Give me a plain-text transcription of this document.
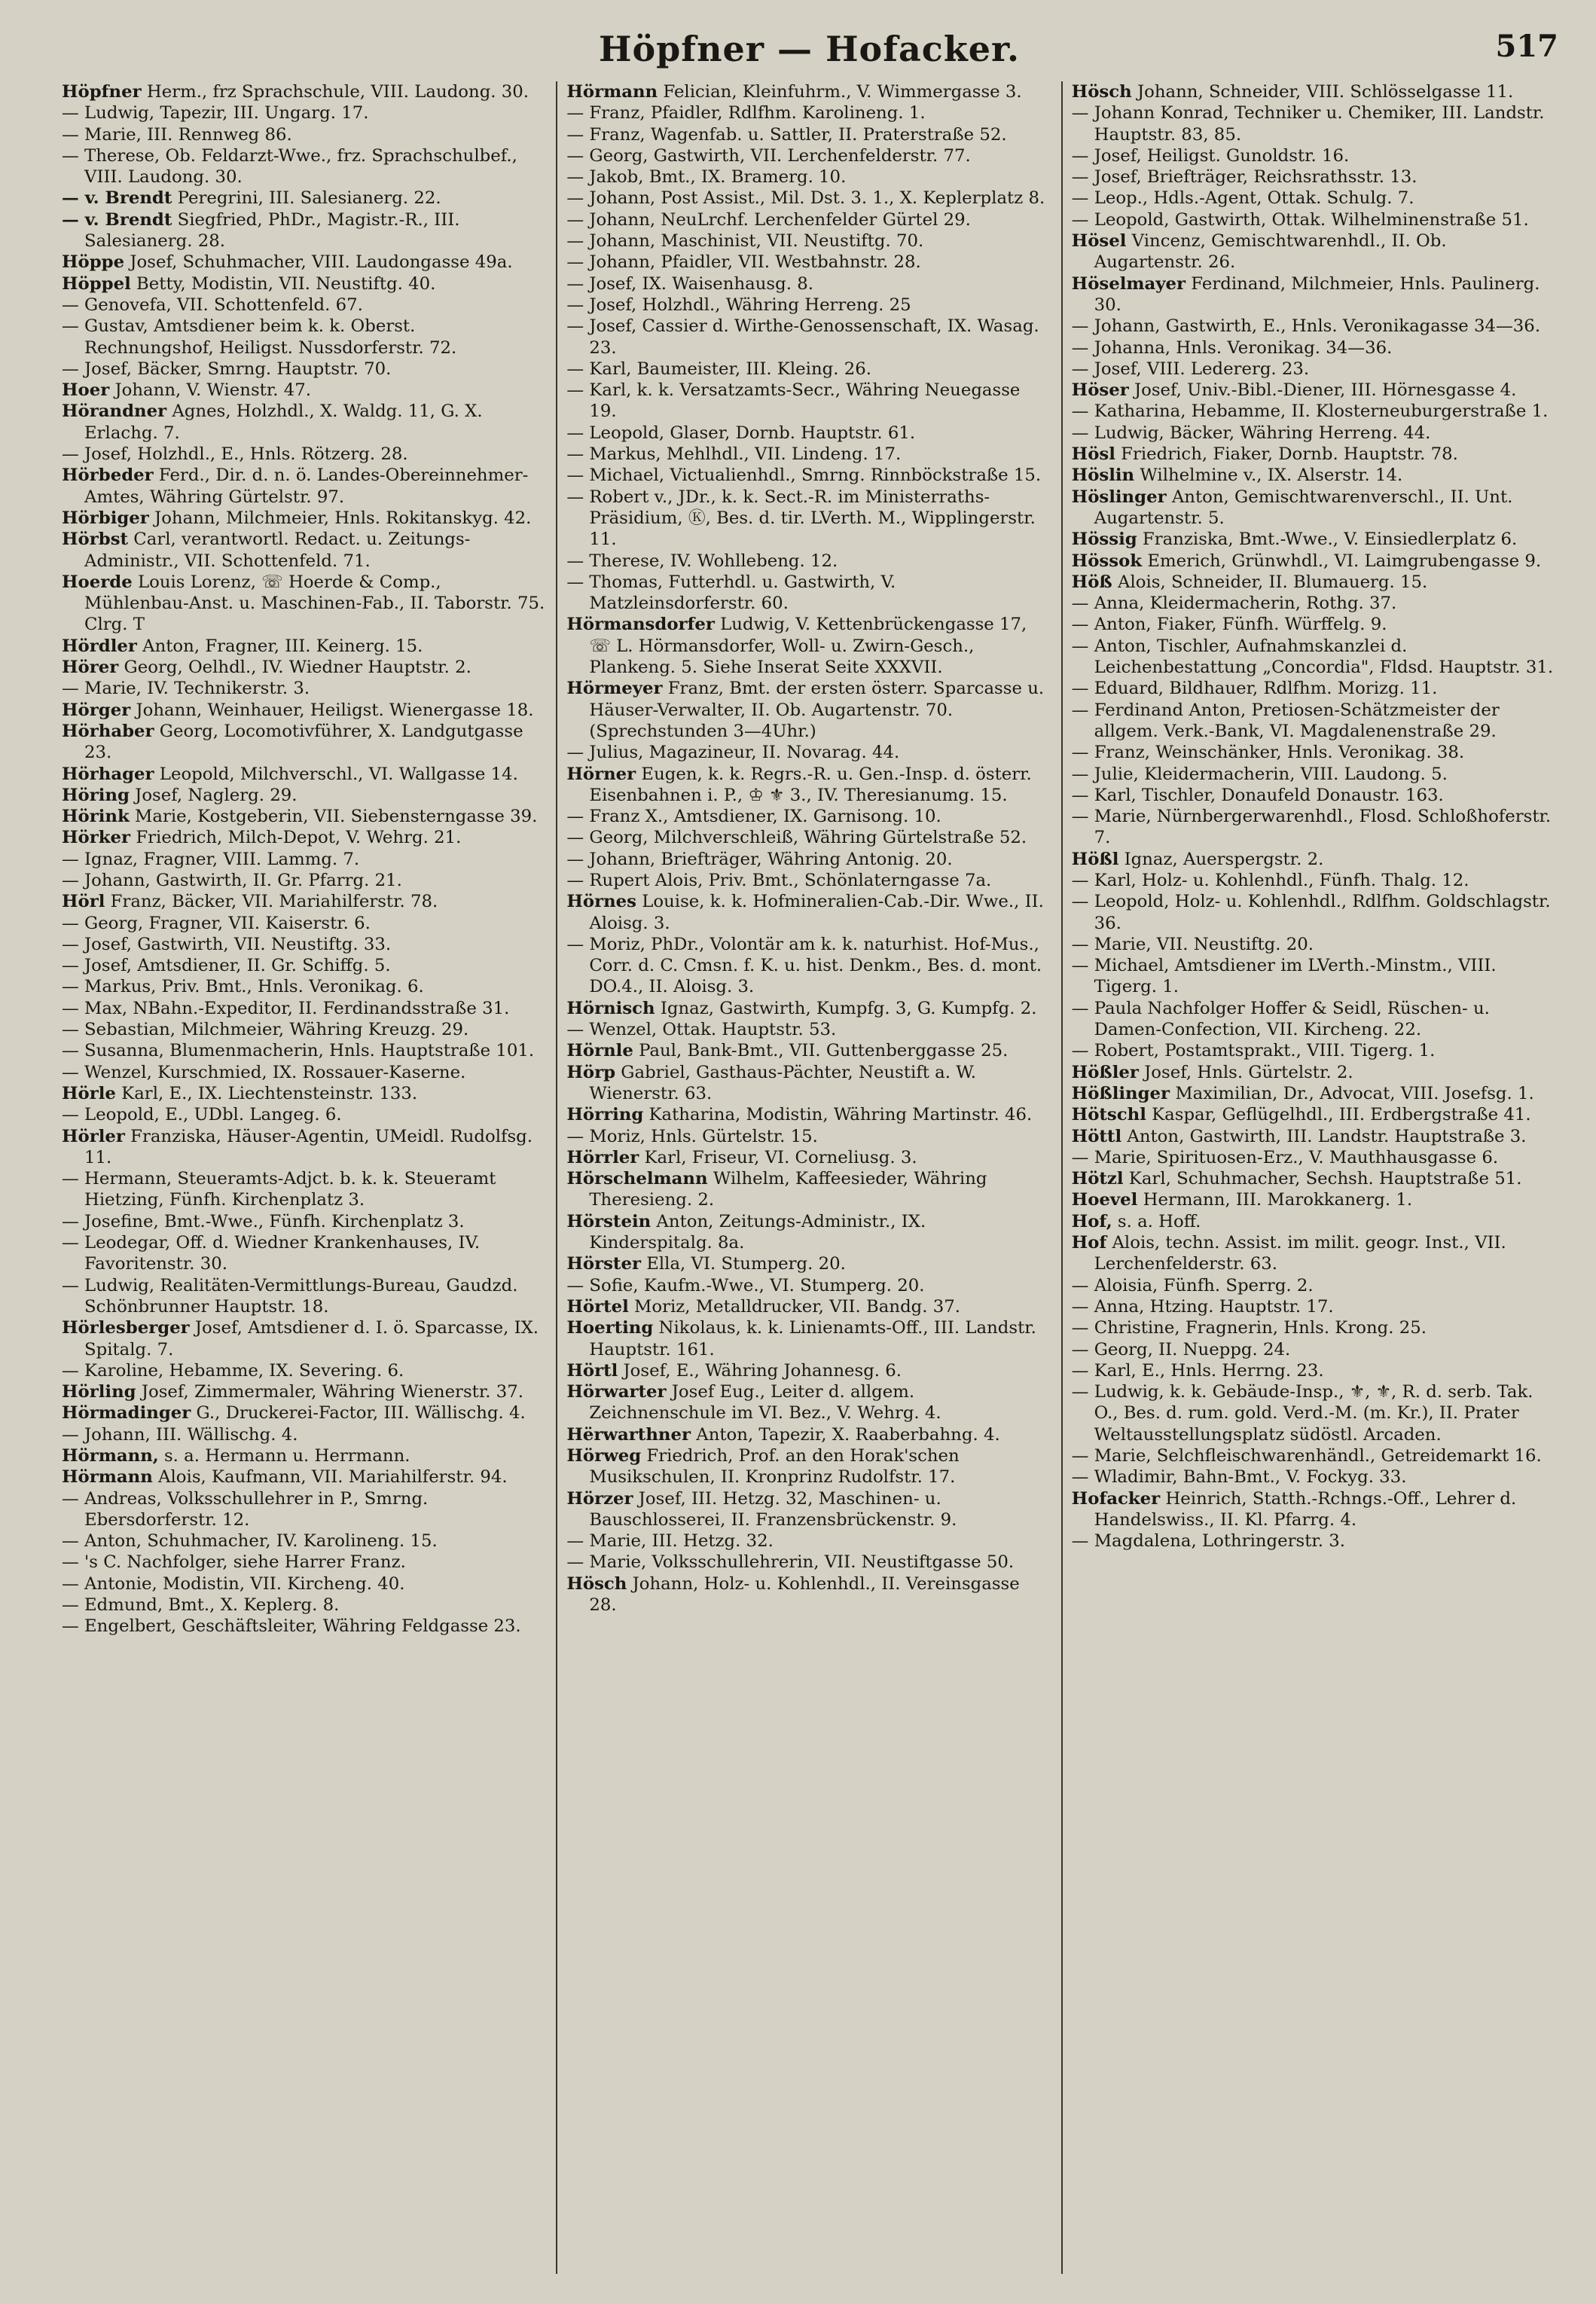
Höpfner — Hofacker.	517

Höpfner Herm., frz Sprachschule, VIII. Laudong. 30.

— Ludwig, Tapezir, III. Ungarg. 17.

— Marie, III. Rennweg 86.

— Therese, Ob. Feldarzt-Wwe., frz. Sprachschulbef., VIII. Laudong. 30.

— v. Brendt Peregrini, III. Salesianerg. 22.

— v. Brendt Siegfried, PhDr., Magistr.-R., III. Salesianerg. 28.

Höppe Josef, Schuhmacher, VIII. Laudongasse 49a.

Höppel Betty, Modistin, VII. Neustiftg. 40.

— Genovefa, VII. Schottenfeld. 67.

— Gustav, Amtsdiener beim k. k. Oberst. Rechnungshof, Heiligst. Nussdorferstr. 72.

— Josef, Bäcker, Smrng. Hauptstr. 70.

Hoer Johann, V. Wienstr. 47.

Hörandner Agnes, Holzhdl., X. Waldg. 11, G. X. Erlachg. 7.

— Josef, Holzhdl., E., Hnls. Rötzerg. 28.

Hörbeder Ferd., Dir. d. n. ö. Landes-Obereinnehmer-Amtes, Währing Gürtelstr. 97.

Hörbiger Johann, Milchmeier, Hnls. Rokitanskyg. 42.

Hörbst Carl, verantwortl. Redact. u. Zeitungs-Administr., VII. Schottenfeld. 71.

Hoerde Louis Lorenz, ☏ Hoerde & Comp., Mühlenbau-Anst. u. Maschinen-Fab., II. Taborstr. 75. Clrg. T

Hördler Anton, Fragner, III. Keinerg. 15.

Hörer Georg, Oelhdl., IV. Wiedner Hauptstr. 2.

— Marie, IV. Technikerstr. 3.

Hörger Johann, Weinhauer, Heiligst. Wienergasse 18.

Hörhaber Georg, Locomotivführer, X. Landgutgasse 23.

Hörhager Leopold, Milchverschl., VI. Wallgasse 14.

Höring Josef, Naglerg. 29.

Hörink Marie, Kostgeberin, VII. Siebensterngasse 39.

Hörker Friedrich, Milch-Depot, V. Wehrg. 21.

— Ignaz, Fragner, VIII. Lammg. 7.

— Johann, Gastwirth, II. Gr. Pfarrg. 21.

Hörl Franz, Bäcker, VII. Mariahilferstr. 78.

— Georg, Fragner, VII. Kaiserstr. 6.

— Josef, Gastwirth, VII. Neustiftg. 33.

— Josef, Amtsdiener, II. Gr. Schiffg. 5.

— Markus, Priv. Bmt., Hnls. Veronikag. 6.

— Max, NBahn.-Expeditor, II. Ferdinandsstraße 31.

— Sebastian, Milchmeier, Währing Kreuzg. 29.

— Susanna, Blumenmacherin, Hnls. Hauptstraße 101.

— Wenzel, Kurschmied, IX. Rossauer-Kaserne.

Hörle Karl, E., IX. Liechtensteinstr. 133.

— Leopold, E., UDbl. Langeg. 6.

Hörler Franziska, Häuser-Agentin, UMeidl. Rudolfsg. 11.

— Hermann, Steueramts-Adjct. b. k. k. Steueramt Hietzing, Fünfh. Kirchenplatz 3.

— Josefine, Bmt.-Wwe., Fünfh. Kirchenplatz 3.

— Leodegar, Off. d. Wiedner Krankenhauses, IV. Favoritenstr. 30.

— Ludwig, Realitäten-Vermittlungs-Bureau, Gaudzd. Schönbrunner Hauptstr. 18.

Hörlesberger Josef, Amtsdiener d. I. ö. Sparcasse, IX. Spitalg. 7.

— Karoline, Hebamme, IX. Severing. 6.

Hörling Josef, Zimmermaler, Währing Wienerstr. 37.

Hörmadinger G., Druckerei-Factor, III. Wällischg. 4.

— Johann, III. Wällischg. 4.

Hörmann, s. a. Hermann u. Herrmann.

Hörmann Alois, Kaufmann, VII. Mariahilferstr. 94.

— Andreas, Volksschullehrer in P., Smrng. Ebersdorferstr. 12.

— Anton, Schuhmacher, IV. Karolineng. 15.

— 's C. Nachfolger, siehe Harrer Franz.

— Antonie, Modistin, VII. Kircheng. 40.

— Edmund, Bmt., X. Keplerg. 8.

— Engelbert, Geschäftsleiter, Währing Feldgasse 23.

Hörmann Felician, Kleinfuhrm., V. Wimmergasse 3.

— Franz, Pfaidler, Rdlfhm. Karolineng. 1.

— Franz, Wagenfab. u. Sattler, II. Praterstraße 52.

— Georg, Gastwirth, VII. Lerchenfelderstr. 77.

— Jakob, Bmt., IX. Bramerg. 10.

— Johann, Post Assist., Mil. Dst. 3. 1., X. Keplerplatz 8.

— Johann, NeuLrchf. Lerchenfelder Gürtel 29.

— Johann, Maschinist, VII. Neustiftg. 70.

— Johann, Pfaidler, VII. Westbahnstr. 28.

— Josef, IX. Waisenhausg. 8.

— Josef, Holzhdl., Währing Herreng. 25

— Josef, Cassier d. Wirthe-Genossenschaft, IX. Wasag. 23.

— Karl, Baumeister, III. Kleing. 26.

— Karl, k. k. Versatzamts-Secr., Währing Neuegasse 19.

— Leopold, Glaser, Dornb. Hauptstr. 61.

— Markus, Mehlhdl., VII. Lindeng. 17.

— Michael, Victualienhdl., Smrng. Rinnböckstraße 15.

— Robert v., JDr., k. k. Sect.-R. im Ministerraths-Präsidium, Ⓚ, Bes. d. tir. LVerth. M., Wipplingerstr. 11.

— Therese, IV. Wohllebeng. 12.

— Thomas, Futterhdl. u. Gastwirth, V. Matzleinsdorferstr. 60.

Hörmansdorfer Ludwig, V. Kettenbrückengasse 17, ☏ L. Hörmansdorfer, Woll- u. Zwirn-Gesch., Plankeng. 5. Siehe Inserat Seite XXXVII.

Hörmeyer Franz, Bmt. der ersten österr. Sparcasse u. Häuser-Verwalter, II. Ob. Augartenstr. 70. (Sprechstunden 3—4Uhr.)

— Julius, Magazineur, II. Novarag. 44.

Hörner Eugen, k. k. Regrs.-R. u. Gen.-Insp. d. österr. Eisenbahnen i. P., ♔ ⚜ 3., IV. Theresianumg. 15.

— Franz X., Amtsdiener, IX. Garnisong. 10.

— Georg, Milchverschleiß, Währing Gürtelstraße 52.

— Johann, Briefträger, Währing Antonig. 20.

— Rupert Alois, Priv. Bmt., Schönlaterngasse 7a.

Hörnes Louise, k. k. Hofmineralien-Cab.-Dir. Wwe., II. Aloisg. 3.

— Moriz, PhDr., Volontär am k. k. naturhist. Hof-Mus., Corr. d. C. Cmsn. f. K. u. hist. Denkm., Bes. d. mont. DO.4., II. Aloisg. 3.

Hörnisch Ignaz, Gastwirth, Kumpfg. 3, G. Kumpfg. 2.

— Wenzel, Ottak. Hauptstr. 53.

Hörnle Paul, Bank-Bmt., VII. Guttenberggasse 25.

Hörp Gabriel, Gasthaus-Pächter, Neustift a. W. Wienerstr. 63.

Hörring Katharina, Modistin, Währing Martinstr. 46.

— Moriz, Hnls. Gürtelstr. 15.

Hörrler Karl, Friseur, VI. Corneliusg. 3.

Hörschelmann Wilhelm, Kaffeesieder, Währing Theresieng. 2.

Hörstein Anton, Zeitungs-Administr., IX. Kinderspitalg. 8a.

Hörster Ella, VI. Stumperg. 20.

— Sofie, Kaufm.-Wwe., VI. Stumperg. 20.

Hörtel Moriz, Metalldrucker, VII. Bandg. 37.

Hoerting Nikolaus, k. k. Linienamts-Off., III. Landstr. Hauptstr. 161.

Hörtl Josef, E., Währing Johannesg. 6.

Hörwarter Josef Eug., Leiter d. allgem. Zeichnenschule im VI. Bez., V. Wehrg. 4.

Hërwarthner Anton, Tapezir, X. Raaberbahng. 4.

Hörweg Friedrich, Prof. an den Horak'schen Musikschulen, II. Kronprinz Rudolfstr. 17.

Hörzer Josef, III. Hetzg. 32, Maschinen- u. Bauschlosserei, II. Franzensbrückenstr. 9.

— Marie, III. Hetzg. 32.

— Marie, Volksschullehrerin, VII. Neustiftgasse 50.

Hösch Johann, Holz- u. Kohlenhdl., II. Vereinsgasse 28.

Hösch Johann, Schneider, VIII. Schlösselgasse 11.

— Johann Konrad, Techniker u. Chemiker, III. Landstr. Hauptstr. 83, 85.

— Josef, Heiligst. Gunoldstr. 16.

— Josef, Briefträger, Reichsrathsstr. 13.

— Leop., Hdls.-Agent, Ottak. Schulg. 7.

— Leopold, Gastwirth, Ottak. Wilhelminenstraße 51.

Hösel Vincenz, Gemischtwarenhdl., II. Ob. Augartenstr. 26.

Höselmayer Ferdinand, Milchmeier, Hnls. Paulinerg. 30.

— Johann, Gastwirth, E., Hnls. Veronikagasse 34—36.

— Johanna, Hnls. Veronikag. 34—36.

— Josef, VIII. Ledererg. 23.

Höser Josef, Univ.-Bibl.-Diener, III. Hörnesgasse 4.

— Katharina, Hebamme, II. Klosterneuburgerstraße 1.

— Ludwig, Bäcker, Währing Herreng. 44.

Hösl Friedrich, Fiaker, Dornb. Hauptstr. 78.

Höslin Wilhelmine v., IX. Alserstr. 14.

Höslinger Anton, Gemischtwarenverschl., II. Unt. Augartenstr. 5.

Hössig Franziska, Bmt.-Wwe., V. Einsiedlerplatz 6.

Hössok Emerich, Grünwhdl., VI. Laimgrubengasse 9.

Höß Alois, Schneider, II. Blumauerg. 15.

— Anna, Kleidermacherin, Rothg. 37.

— Anton, Fiaker, Fünfh. Würffelg. 9.

— Anton, Tischler, Aufnahmskanzlei d. Leichenbestattung „Concordia", Fldsd. Hauptstr. 31.

— Eduard, Bildhauer, Rdlfhm. Morizg. 11.

— Ferdinand Anton, Pretiosen-Schätzmeister der allgem. Verk.-Bank, VI. Magdalenenstraße 29.

— Franz, Weinschänker, Hnls. Veronikag. 38.

— Julie, Kleidermacherin, VIII. Laudong. 5.

— Karl, Tischler, Donaufeld Donaustr. 163.

— Marie, Nürnbergerwarenhdl., Flosd. Schloßhoferstr. 7.

Hößl Ignaz, Auerspergstr. 2.

— Karl, Holz- u. Kohlenhdl., Fünfh. Thalg. 12.

— Leopold, Holz- u. Kohlenhdl., Rdlfhm. Goldschlagstr. 36.

— Marie, VII. Neustiftg. 20.

— Michael, Amtsdiener im LVerth.-Minstm., VIII. Tigerg. 1.

— Paula Nachfolger Hoffer & Seidl, Rüschen- u. Damen-Confection, VII. Kircheng. 22.

— Robert, Postamtsprakt., VIII. Tigerg. 1.

Hößler Josef, Hnls. Gürtelstr. 2.

Hößlinger Maximilian, Dr., Advocat, VIII. Josefsg. 1.

Hötschl Kaspar, Geflügelhdl., III. Erdbergstraße 41.

Höttl Anton, Gastwirth, III. Landstr. Hauptstraße 3.

— Marie, Spirituosen-Erz., V. Mauthhausgasse 6.

Hötzl Karl, Schuhmacher, Sechsh. Hauptstraße 51.

Hoevel Hermann, III. Marokkanerg. 1.

Hof, s. a. Hoff.

Hof Alois, techn. Assist. im milit. geogr. Inst., VII. Lerchenfelderstr. 63.

— Aloisia, Fünfh. Sperrg. 2.

— Anna, Htzing. Hauptstr. 17.

— Christine, Fragnerin, Hnls. Krong. 25.

— Georg, II. Nueppg. 24.

— Karl, E., Hnls. Herrng. 23.

— Ludwig, k. k. Gebäude-Insp., ⚜, ⚜, R. d. serb. Tak. O., Bes. d. rum. gold. Verd.-M. (m. Kr.), II. Prater Weltausstellungsplatz südöstl. Arcaden.

— Marie, Selchfleischwarenhändl., Getreidemarkt 16.

— Wladimir, Bahn-Bmt., V. Fockyg. 33.

Hofacker Heinrich, Statth.-Rchngs.-Off., Lehrer d. Handelswiss., II. Kl. Pfarrg. 4.

— Magdalena, Lothringerstr. 3.
